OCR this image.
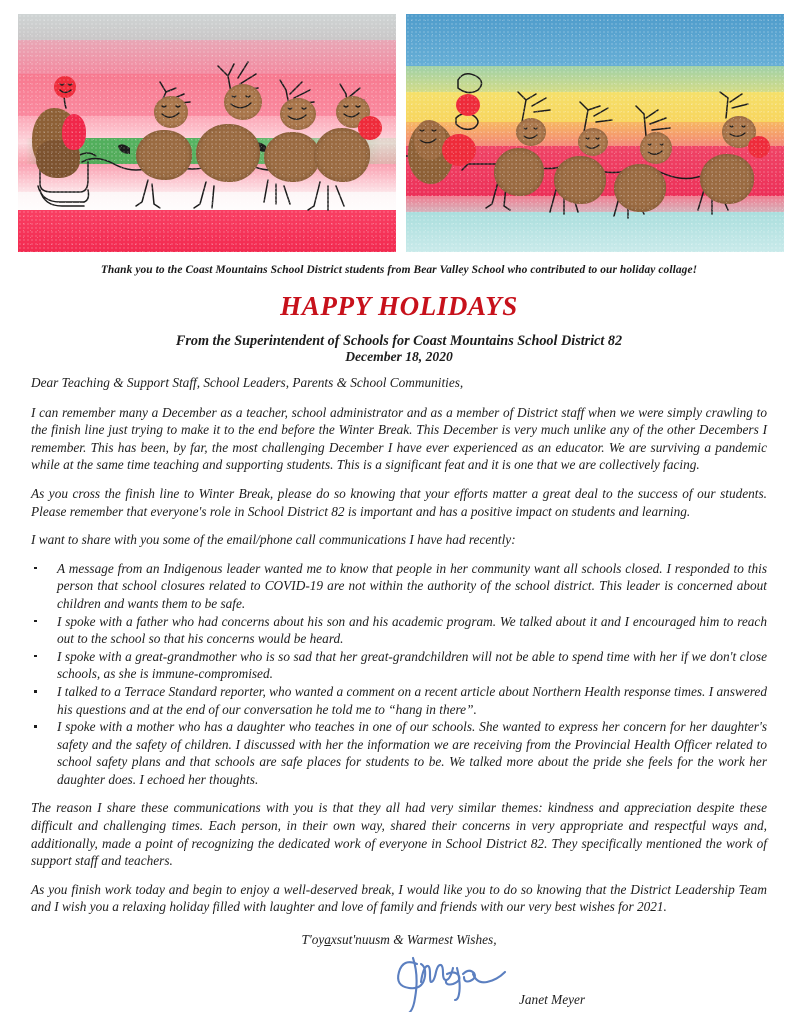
Thank you to the Coast Mountains School District students from Bear Valley School who contributed to our holiday collage!
HAPPY HOLIDAYS
From the Superintendent of Schools for Coast Mountains School District 82
December 18, 2020

Dear Teaching & Support Staff, School Leaders, Parents & School Communities,

I can remember many a December as a teacher, school administrator and as a member of District staff when we were simply crawling to the finish line just trying to make it to the end before the Winter Break. This December is very much unlike any of the other Decembers I remember. This has been, by far, the most challenging December I have ever experienced as an educator. We are surviving a pandemic while at the same time teaching and supporting students. This is a significant feat and it is one that we are collectively facing.

As you cross the finish line to Winter Break, please do so knowing that your efforts matter a great deal to the success of our students. Please remember that everyone's role in School District 82 is important and has a positive impact on students and learning.

I want to share with you some of the email/phone call communications I have had recently:

A message from an Indigenous leader wanted me to know that people in her community want all schools closed. I responded to this person that school closures related to COVID-19 are not within the authority of the school district. This leader is concerned about children and wants them to be safe.
I spoke with a father who had concerns about his son and his academic program. We talked about it and I encouraged him to reach out to the school so that his concerns would be heard.
I spoke with a great-grandmother who is so sad that her great-grandchildren will not be able to spend time with her if we don't close schools, as she is immune-compromised.
I talked to a Terrace Standard reporter, who wanted a comment on a recent article about Northern Health response times. I answered his questions and at the end of our conversation he told me to “hang in there”.
I spoke with a mother who has a daughter who teaches in one of our schools. She wanted to express her concern for her daughter's safety and the safety of children. I discussed with her the information we are receiving from the Provincial Health Officer related to school safety plans and that schools are safe places for students to be. We talked more about the pride she feels for the work her daughter does. I echoed her thoughts.

The reason I share these communications with you is that they all had very similar themes: kindness and appreciation despite these difficult and challenging times. Each person, in their own way, shared their concerns in very appropriate and respectful ways and, additionally, made a point of recognizing the dedicated work of everyone in School District 82. They specifically mentioned the work of support staff and teachers.

As you finish work today and begin to enjoy a well-deserved break, I would like you to do so knowing that the District Leadership Team and I wish you a relaxing holiday filled with laughter and love of family and friends with our very best wishes for 2021.

T'oyaxsut'nuusm & Warmest Wishes,
Janet Meyer
